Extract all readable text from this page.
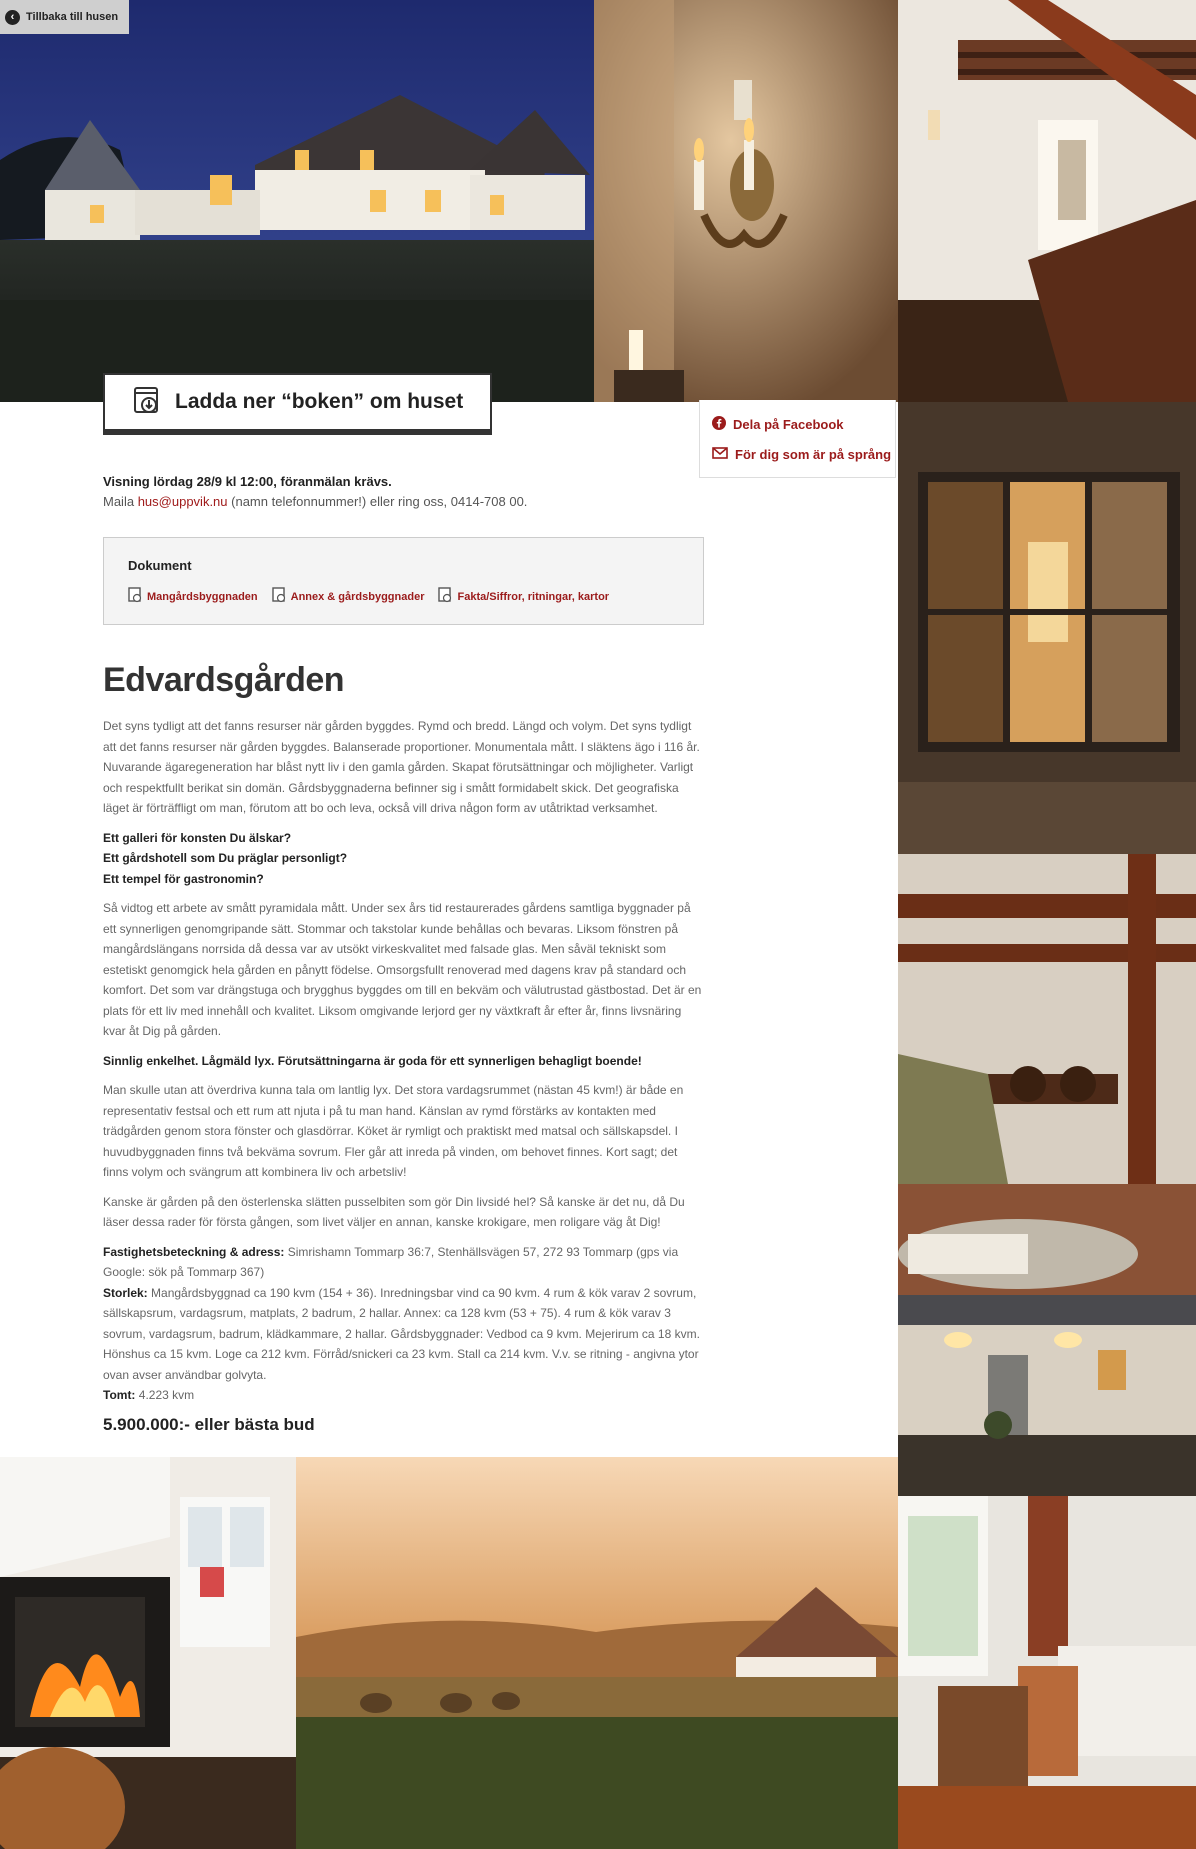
‹	Tillbaka till husen
Ladda ner “boken” om huset
Dela på Facebook
För dig som är på språng
Visning lördag 28/9 kl 12:00, föranmälan krävs.
Maila hus@uppvik.nu (namn telefonnummer!) eller ring oss, 0414-708 00.
Dokument
Mangårdsbyggnaden	Annex & gårdsbyggnader	Fakta/Siffror, ritningar, kartor
Edvardsgården

Det syns tydligt att det fanns resurser när gården byggdes. Rymd och bredd. Längd och volym. Det syns tydligt att det fanns resurser när gården byggdes. Balanserade proportioner. Monumentala mått. I släktens ägo i 116 år. Nuvarande ägaregeneration har blåst nytt liv i den gamla gården. Skapat förutsättningar och möjligheter. Varligt och respektfullt berikat sin domän. Gårdsbyggnaderna befinner sig i smått formidabelt skick. Det geografiska läget är förträffligt om man, förutom att bo och leva, också vill driva någon form av utåtriktad verksamhet.

Ett galleri för konsten Du älskar?
Ett gårdshotell som Du präglar personligt?
Ett tempel för gastronomin?

Så vidtog ett arbete av smått pyramidala mått. Under sex års tid restaurerades gårdens samtliga byggnader på ett synnerligen genomgripande sätt. Stommar och takstolar kunde behållas och bevaras. Liksom fönstren på mangårdslängans norrsida då dessa var av utsökt virkeskvalitet med falsade glas. Men såväl tekniskt som estetiskt genomgick hela gården en pånytt födelse. Omsorgsfullt renoverad med dagens krav på standard och komfort. Det som var drängstuga och brygghus byggdes om till en bekväm och välutrustad gästbostad. Det är en plats för ett liv med innehåll och kvalitet. Liksom omgivande lerjord ger ny växtkraft år efter år, finns livsnäring kvar åt Dig på gården.

Sinnlig enkelhet. Lågmäld lyx. Förutsättningarna är goda för ett synnerligen behagligt boende!

Man skulle utan att överdriva kunna tala om lantlig lyx. Det stora vardagsrummet (nästan 45 kvm!) är både en representativ festsal och ett rum att njuta i på tu man hand. Känslan av rymd förstärks av kontakten med trädgården genom stora fönster och glasdörrar. Köket är rymligt och praktiskt med matsal och sällskapsdel. I huvudbyggnaden finns två bekväma sovrum. Fler går att inreda på vinden, om behovet finnes. Kort sagt; det finns volym och svängrum att kombinera liv och arbetsliv!

Kanske är gården på den österlenska slätten pusselbiten som gör Din livsidé hel? Så kanske är det nu, då Du läser dessa rader för första gången, som livet väljer en annan, kanske krokigare, men roligare väg åt Dig!

Fastighetsbeteckning & adress: Simrishamn Tommarp 36:7, Stenhällsvägen 57, 272 93 Tommarp (gps via Google: sök på Tommarp 367)
Storlek: Mangårdsbyggnad ca 190 kvm (154 + 36). Inredningsbar vind ca 90 kvm. 4 rum & kök varav 2 sovrum, sällskapsrum, vardagsrum, matplats, 2 badrum, 2 hallar. Annex: ca 128 kvm (53 + 75). 4 rum & kök varav 3 sovrum, vardagsrum, badrum, klädkammare, 2 hallar. Gårdsbyggnader: Vedbod ca 9 kvm. Mejerirum ca 18 kvm. Hönshus ca 15 kvm. Loge ca 212 kvm. Förråd/snickeri ca 23 kvm. Stall ca 214 kvm. V.v. se ritning - angivna ytor ovan avser användbar golvyta.
Tomt: 4.223 kvm

5.900.000:- eller bästa bud
